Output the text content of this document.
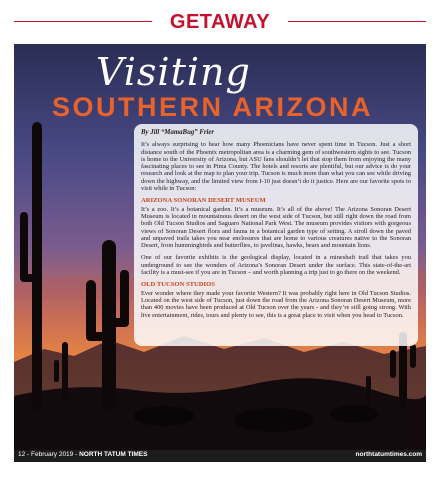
GETAWAY
Visiting
SOUTHERN ARIZONA

By Jill “MamaBug” Frier

It’s always surprising to hear how many Phoenicians have never spent time in Tucson. Just a short distance south of the Phoenix metropolitan area is a charming gem of southwestern sights to see. Tucson is home to the University of Arizona, but ASU fans shouldn’t let that stop them from enjoying the many fascinating places to see in Pima County. The hotels and resorts are plentiful, but our advice is do your research and look at the map to plan your trip. Tucson is much more than what you can see while driving down the highway, and the limited view from I-10 just doesn’t do it justice. Here are our favorite spots to visit while in Tucson:

ARIZONA SONORAN DESERT MUSEUM

It’s a zoo. It’s a botanical garden. It’s a museum. It’s all of the above! The Arizona Sonoran Desert Museum is located in mountainous desert on the west side of Tucson, but still right down the road from both Old Tucson Studios and Saguaro National Park West. The museum provides visitors with gorgeous views of Sonoran Desert flora and fauna in a botanical garden type of setting. A stroll down the paved and unpaved trails takes you near enclosures that are home to various creatures native to the Sonoran Desert, from hummingbirds and butterflies, to javelinas, hawks, bears and mountain lions.

One of our favorite exhibits is the geological display, located in a mineshaft trail that takes you underground to see the wonders of Arizona’s Sonoran Desert under the surface. This state-of-the-art facility is a must-see if you are in Tucson – and worth planning a trip just to go there on the weekend.

OLD TUCSON STUDIOS

Ever wonder where they made your favorite Western? It was probably right here in Old Tucson Studios. Located on the west side of Tucson, just down the road from the Arizona Sonoran Desert Museum, more than 400 movies have been produced at Old Tucson over the years - and they’re still going strong. With live entertainment, rides, tours and plenty to see, this is a great place to visit when you head to Tucson.

12 - February 2019 - NORTH TATUM TIMES	northtatumtimes.com
